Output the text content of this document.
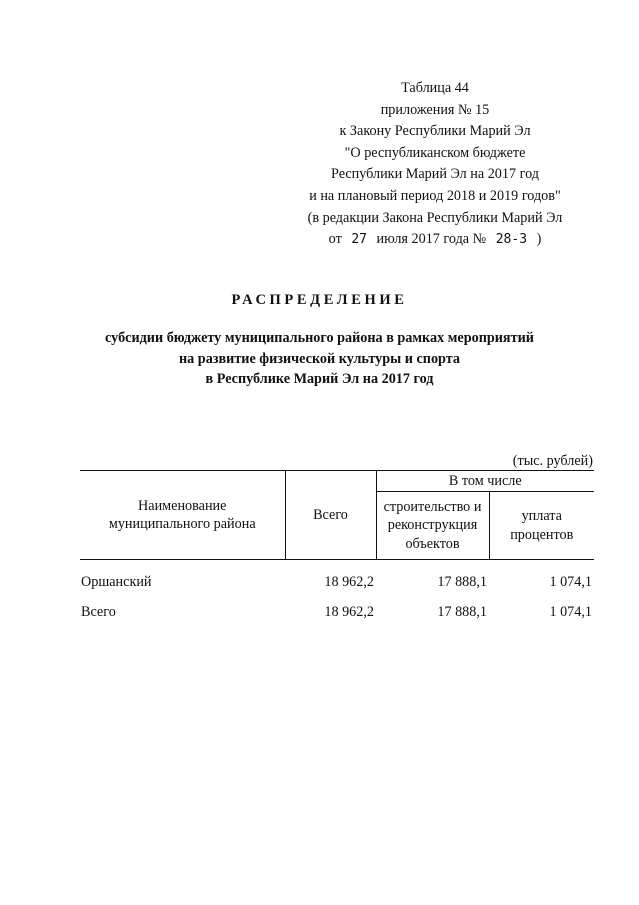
Таблица 44
приложения № 15
к Закону Республики Марий Эл
"О республиканском бюджете
Республики Марий Эл на 2017 год
и на плановый период 2018 и 2019 годов"
(в редакции Закона Республики Марий Эл
от 27 июля 2017 года № 28-3 )
РАСПРЕДЕЛЕНИЕ
субсидии бюджету муниципального района в рамках мероприятий
на развитие физической культуры и спорта
в Республике Марий Эл на 2017 год
(тыс. рублей)
Наименование муниципального района	Всего	В том числе	
		строительство и реконструкция объектов	уплата процентов
Оршанский	18 962,2	17 888,1	1 074,1
Всего	18 962,2	17 888,1	1 074,1
